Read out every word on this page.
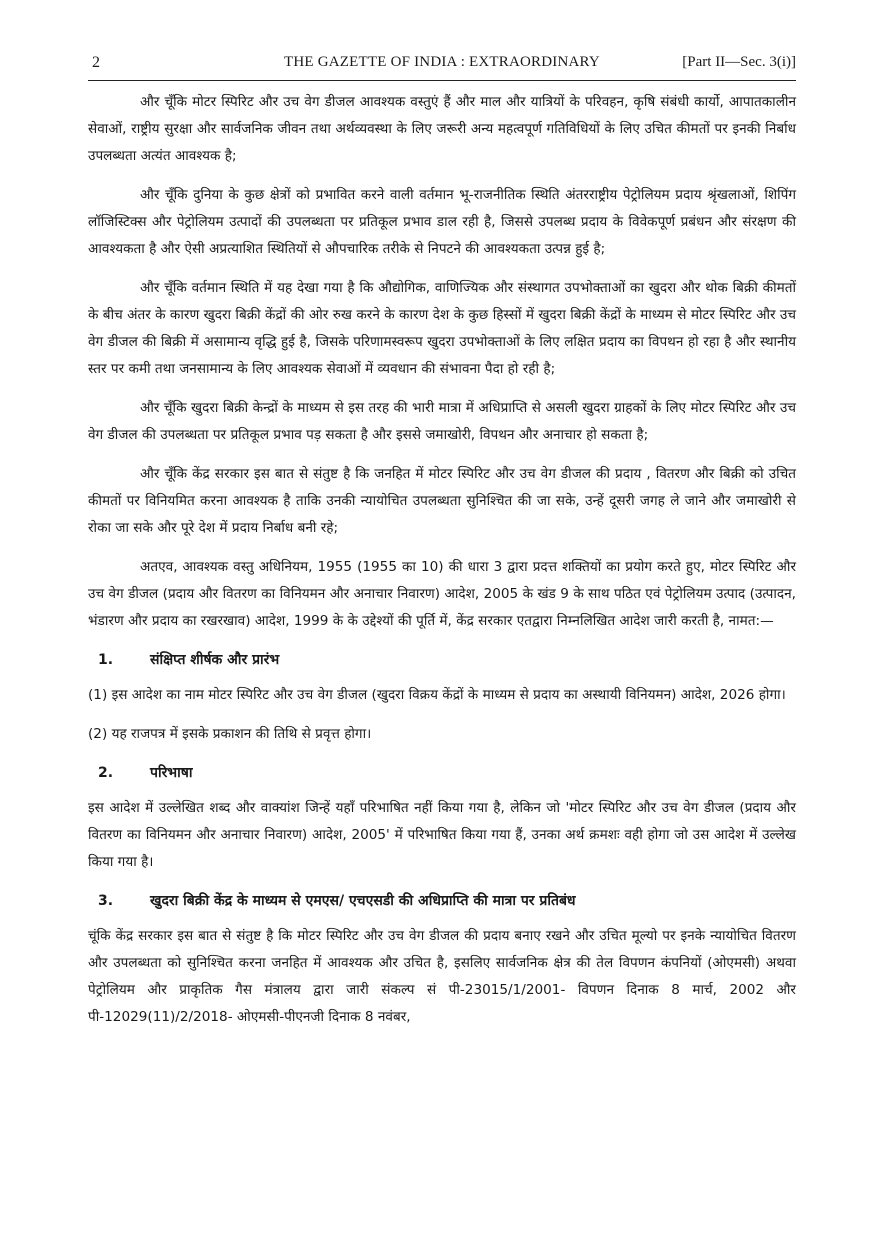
2	THE GAZETTE OF INDIA : EXTRAORDINARY	[Part II—Sec. 3(i)]

और चूँकि मोटर स्पिरिट और उच वेग डीजल आवश्यक वस्तुएं हैं और माल और यात्रियों के परिवहन, कृषि संबंधी कार्यो, आपातकालीन सेवाओं, राष्ट्रीय सुरक्षा और सार्वजनिक जीवन तथा अर्थव्यवस्था के लिए जरूरी अन्य महत्वपूर्ण गतिविधियों के लिए उचित कीमतों पर इनकी निर्बाध उपलब्धता अत्यंत आवश्यक है;

और चूँकि दुनिया के कुछ क्षेत्रों को प्रभावित करने वाली वर्तमान भू-राजनीतिक स्थिति अंतरराष्ट्रीय पेट्रोलियम प्रदाय श्रृंखलाओं, शिपिंग लॉजिस्टिक्स और पेट्रोलियम उत्पादों की उपलब्धता पर प्रतिकूल प्रभाव डाल रही है, जिससे उपलब्ध प्रदाय के विवेकपूर्ण प्रबंधन और संरक्षण की आवश्यकता है और ऐसी अप्रत्याशित स्थितियों से औपचारिक तरीके से निपटने की आवश्यकता उत्पन्न हुई है;

और चूँकि वर्तमान स्थिति में यह देखा गया है कि औद्योगिक, वाणिज्यिक और संस्थागत उपभोक्ताओं का खुदरा और थोक बिक्री कीमतों के बीच अंतर के कारण खुदरा बिक्री केंद्रों की ओर रुख करने के कारण देश के कुछ हिस्सों में खुदरा बिक्री केंद्रों के माध्यम से मोटर स्पिरिट और उच वेग डीजल की बिक्री में असामान्य वृद्धि हुई है, जिसके परिणामस्वरूप खुदरा उपभोक्ताओं के लिए लक्षित प्रदाय का विपथन हो रहा है और स्थानीय स्तर पर कमी तथा जनसामान्य के लिए आवश्यक सेवाओं में व्यवधान की संभावना पैदा हो रही है;

और चूँकि खुदरा बिक्री केन्द्रों के माध्यम से इस तरह की भारी मात्रा में अधिप्राप्ति से असली खुदरा ग्राहकों के लिए मोटर स्पिरिट और उच वेग डीजल की उपलब्धता पर प्रतिकूल प्रभाव पड़ सकता है और इससे जमाखोरी, विपथन और अनाचार हो सकता है;

और चूँकि केंद्र सरकार इस बात से संतुष्ट है कि जनहित में मोटर स्पिरिट और उच वेग डीजल की प्रदाय , वितरण और बिक्री को उचित कीमतों पर विनियमित करना आवश्यक है ताकि उनकी न्यायोचित उपलब्धता सुनिश्चित की जा सके, उन्हें दूसरी जगह ले जाने और जमाखोरी से रोका जा सके और पूरे देश में प्रदाय निर्बाध बनी रहे;

अतएव, आवश्यक वस्तु अधिनियम, 1955 (1955 का 10) की धारा 3 द्वारा प्रदत्त शक्तियों का प्रयोग करते हुए, मोटर स्पिरिट और उच वेग डीजल (प्रदाय और वितरण का विनियमन और अनाचार निवारण) आदेश, 2005 के खंड 9 के साथ पठित एवं पेट्रोलियम उत्पाद (उत्पादन, भंडारण और प्रदाय का रखरखाव) आदेश, 1999 के के उद्देश्यों की पूर्ति में, केंद्र सरकार एतद्वारा निम्नलिखित आदेश जारी करती है, नामत:—

1.	संक्षिप्त शीर्षक और प्रारंभ

(1) इस आदेश का नाम मोटर स्पिरिट और उच वेग डीजल (खुदरा विक्रय केंद्रों के माध्यम से प्रदाय का अस्थायी विनियमन) आदेश, 2026 होगा।

(2) यह राजपत्र में इसके प्रकाशन की तिथि से प्रवृत्त होगा।

2.	परिभाषा

इस आदेश में उल्लेखित शब्द और वाक्यांश जिन्हें यहाँ परिभाषित नहीं किया गया है, लेकिन जो 'मोटर स्पिरिट और उच वेग डीजल (प्रदाय और वितरण का विनियमन और अनाचार निवारण) आदेश, 2005' में परिभाषित किया गया हैं, उनका अर्थ क्रमशः वही होगा जो उस आदेश में उल्लेख किया गया है।

3.	खुदरा बिक्री केंद्र के माध्यम से एमएस/ एचएसडी की अधिप्राप्ति की मात्रा पर प्रतिबंध

चूंकि केंद्र सरकार इस बात से संतुष्ट है कि मोटर स्पिरिट और उच वेग डीजल की प्रदाय बनाए रखने और उचित मूल्यो पर इनके न्यायोचित वितरण और उपलब्धता को सुनिश्चित करना जनहित में आवश्यक और उचित है, इसलिए सार्वजनिक क्षेत्र की तेल विपणन कंपनियों (ओएमसी) अथवा पेट्रोलियम और प्राकृतिक गैस मंत्रालय द्वारा जारी संकल्प सं पी-23015/1/2001- विपणन दिनाक 8 मार्च, 2002 और पी-12029(11)/2/2018- ओएमसी-पीएनजी दिनाक 8 नवंबर,
